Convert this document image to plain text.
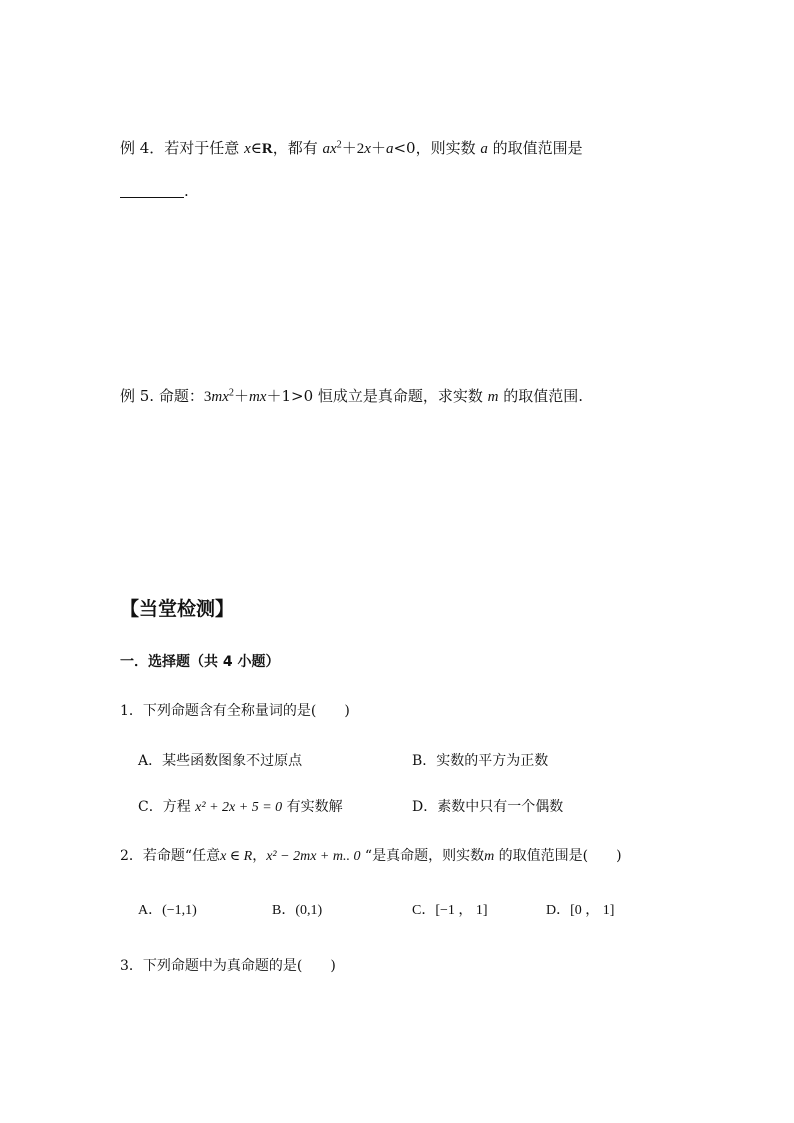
例 4．若对于任意 x∈R，都有 $ax^2+2x+a<0$，则实数 a 的取值范围是
.
例 5. 命题：$3mx^2+mx+1>0$ 恒成立是真命题，求实数 m 的取值范围.
【当堂检测】
一．选择题（共 4 小题）
1．下列命题含有全称量词的是(　　)
A．某些函数图象不过原点	B．实数的平方为正数
C．方程 x² + 2x + 5 = 0 有实数解	D．素数中只有一个偶数
2．若命题“任意x ∈ R，x² − 2mx + m.. 0 “是真命题，则实数m 的取值范围是(　　)
A．(−1,1)	B．(0,1)	C．[−1 ， 1]	D．[0 ， 1]
3．下列命题中为真命题的是(　　)
